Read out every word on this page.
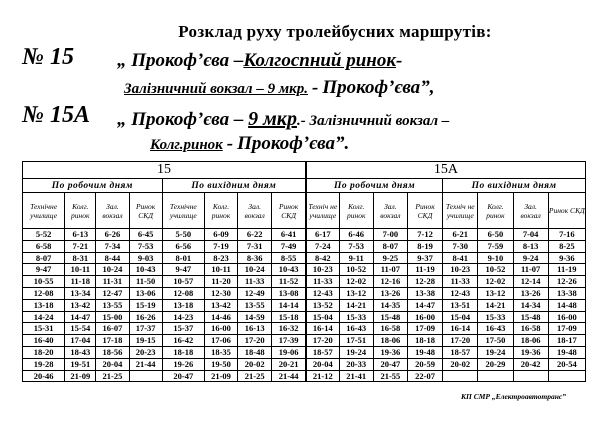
Розклад руху тролейбусних маршрутів:
№ 15 „ Прокоф’єва –Колгоспний ринок-
Залізничний вокзал – 9 мкр. - Прокоф’єва”,
№ 15А „ Прокоф’єва – 9 мкр.- Залізничний вокзал –
Колг.ринок - Прокоф’єва”.
15								15А							
По робочим дням				По вихідним дням				По робочим дням				По вихідним дням			
Технічне училище	Колг. ринок	Зал. вокзал	Ринок СКД	Технічне училище	Колг. ринок	Зал. вокзал	Ринок СКД	Техніч не училище	Колг. ринок	Зал. вокзал	Ринок СКД	Техніч не училище	Колг. ринок	Зал. вокзал	Ринок СКД
5-52	6-13	6-26	6-45	5-50	6-09	6-22	6-41	6-17	6-46	7-00	7-12	6-21	6-50	7-04	7-16
6-58	7-21	7-34	7-53	6-56	7-19	7-31	7-49	7-24	7-53	8-07	8-19	7-30	7-59	8-13	8-25
8-07	8-31	8-44	9-03	8-01	8-23	8-36	8-55	8-42	9-11	9-25	9-37	8-41	9-10	9-24	9-36
9-47	10-11	10-24	10-43	9-47	10-11	10-24	10-43	10-23	10-52	11-07	11-19	10-23	10-52	11-07	11-19
10-55	11-18	11-31	11-50	10-57	11-20	11-33	11-52	11-33	12-02	12-16	12-28	11-33	12-02	12-14	12-26
12-08	13-34	12-47	13-06	12-08	12-30	12-49	13-08	12-43	13-12	13-26	13-38	12-43	13-12	13-26	13-38
13-18	13-42	13-55	15-19	13-18	13-42	13-55	14-14	13-52	14-21	14-35	14-47	13-51	14-21	14-34	14-48
14-24	14-47	15-00	16-26	14-23	14-46	14-59	15-18	15-04	15-33	15-48	16-00	15-04	15-33	15-48	16-00
15-31	15-54	16-07	17-37	15-37	16-00	16-13	16-32	16-14	16-43	16-58	17-09	16-14	16-43	16-58	17-09
16-40	17-04	17-18	19-15	16-42	17-06	17-20	17-39	17-20	17-51	18-06	18-18	17-20	17-50	18-06	18-17
18-20	18-43	18-56	20-23	18-18	18-35	18-48	19-06	18-57	19-24	19-36	19-48	18-57	19-24	19-36	19-48
19-28	19-51	20-04	21-44	19-26	19-50	20-02	20-21	20-04	20-33	20-47	20-59	20-02	20-29	20-42	20-54
20-46	21-09	21-25		20-47	21-09	21-25	21-44	21-12	21-41	21-55	22-07				
КП СМР „Електроавтотранс”
